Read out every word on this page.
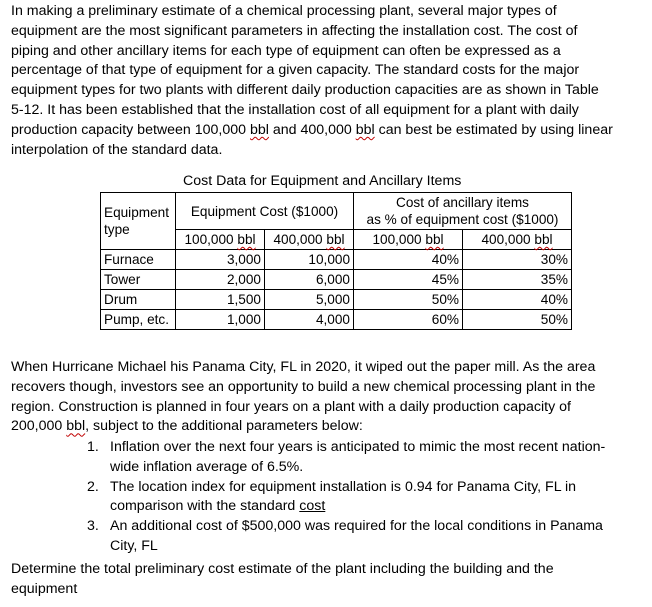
In making a preliminary estimate of a chemical processing plant, several major types of
equipment are the most significant parameters in affecting the installation cost. The cost of
piping and other ancillary items for each type of equipment can often be expressed as a
percentage of that type of equipment for a given capacity. The standard costs for the major
equipment types for two plants with different daily production capacities are as shown in Table
5-12. It has been established that the installation cost of all equipment for a plant with daily
production capacity between 100,000 bbl and 400,000 bbl can best be estimated by using linear
interpolation of the standard data.

Cost Data for Equipment and Ancillary Items
Equipment type	Equipment Cost ($1000)		Cost of ancillary items
as % of equipment cost ($1000)	
	100,000 bbl	400,000 bbl	100,000 bbl	400,000 bbl
Furnace	3,000	10,000	40%	30%
Tower	2,000	6,000	45%	35%
Drum	1,500	5,000	50%	40%
Pump, etc.	1,000	4,000	60%	50%

When Hurricane Michael his Panama City, FL in 2020, it wiped out the paper mill. As the area
recovers though, investors see an opportunity to build a new chemical processing plant in the
region. Construction is planned in four years on a plant with a daily production capacity of
200,000 bbl, subject to the additional parameters below:

1. Inflation over the next four years is anticipated to mimic the most recent nation-
wide inflation average of 6.5%.
2. The location index for equipment installation is 0.94 for Panama City, FL in
comparison with the standard cost
3. An additional cost of $500,000 was required for the local conditions in Panama
City, FL

Determine the total preliminary cost estimate of the plant including the building and the
equipment
